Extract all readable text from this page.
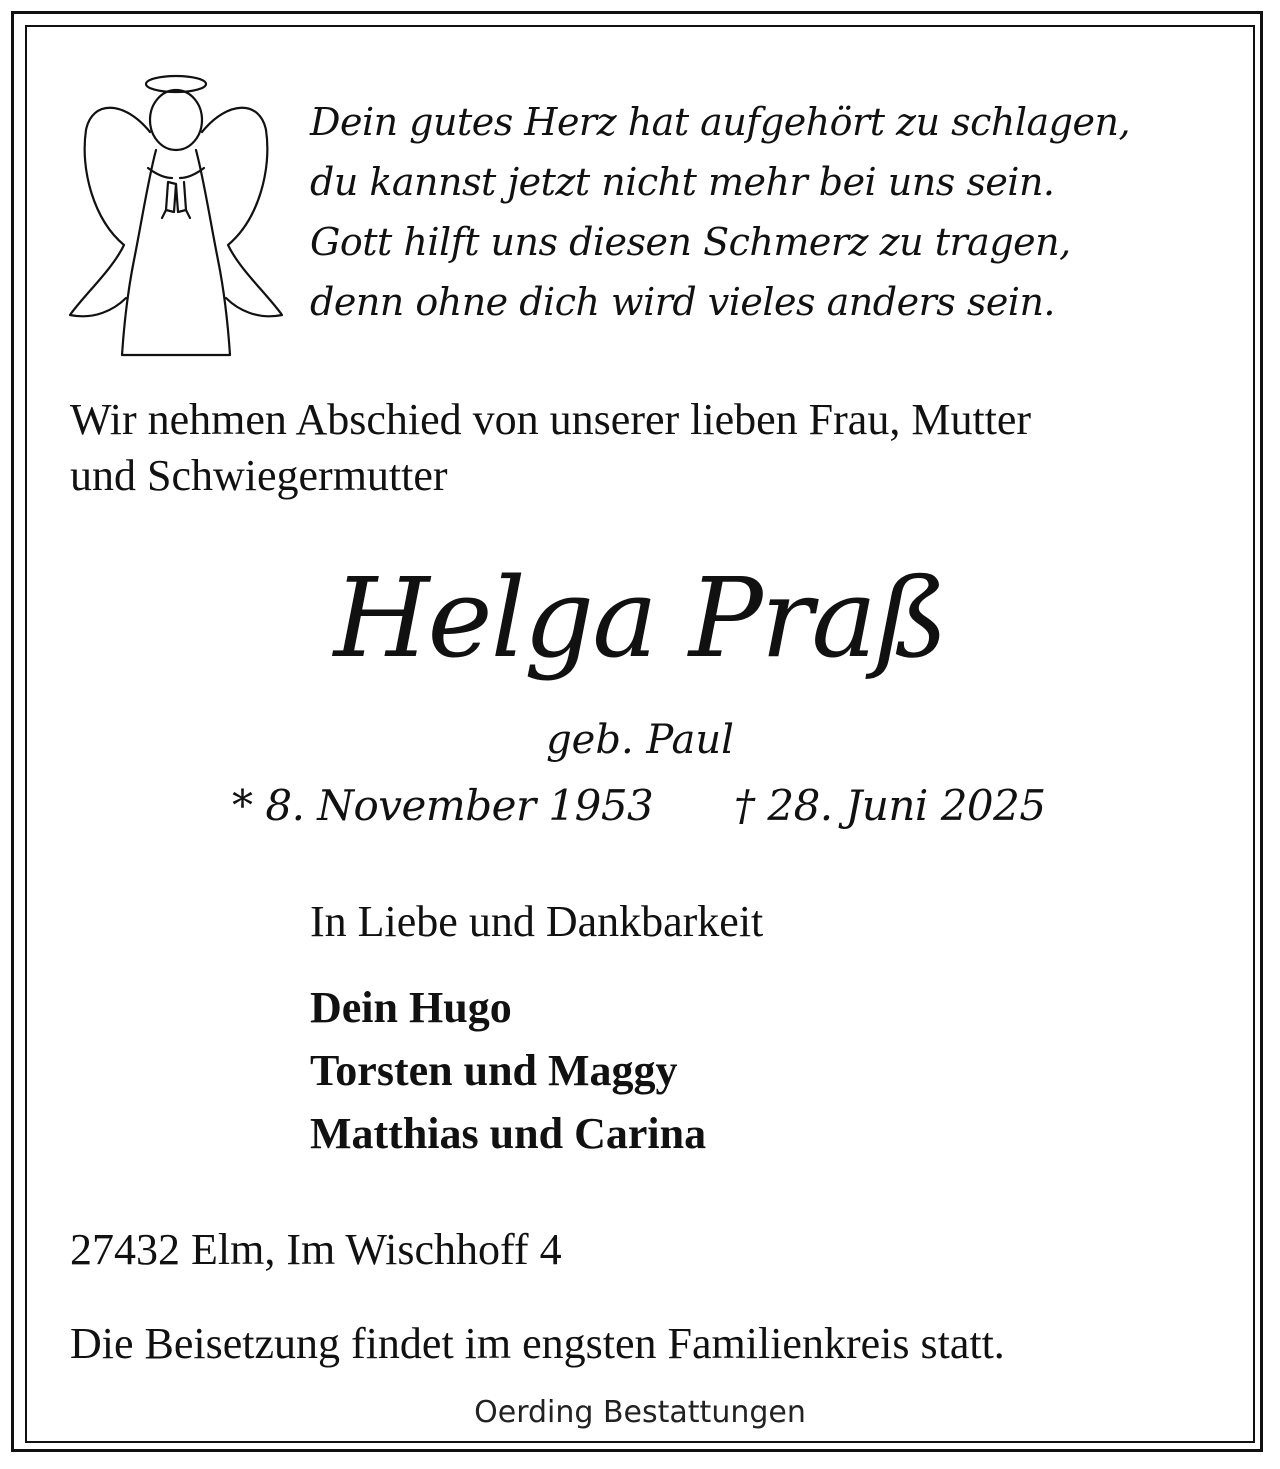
Dein gutes Herz hat aufgehört zu schlagen,
du kannst jetzt nicht mehr bei uns sein.
Gott hilft uns diesen Schmerz zu tragen,
denn ohne dich wird vieles anders sein.
Wir nehmen Abschied von unserer lieben Frau, Mutter
und Schwiegermutter
Helga Praß
geb. Paul
* 8. November 1953 † 28. Juni 2025
In Liebe und Dankbarkeit
Dein Hugo
Torsten und Maggy
Matthias und Carina
27432 Elm, Im Wischhoff 4
Die Beisetzung findet im engsten Familienkreis statt.
Oerding Bestattungen
